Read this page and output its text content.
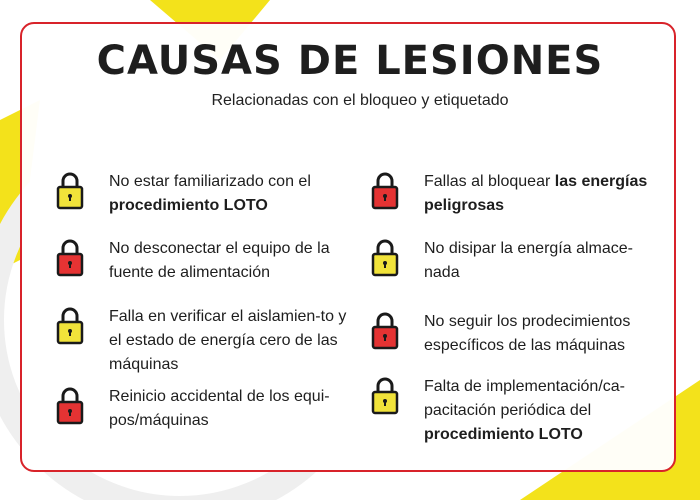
CAUSAS DE LESIONES
Relacionadas con el bloqueo y etiquetado
No estar familiarizado con el
procedimiento LOTO
Fallas al bloquear las energías peligrosas
No desconectar el equipo de la fuente de alimentación
No disipar la energía almace-nada
Falla en verificar el aislamien-to y el estado de energía cero de las máquinas
No seguir los prodecimientos específicos de las máquinas
Reinicio accidental de los equi-pos/máquinas
Falta de implementación/ca-pacitación periódica del
procedimiento LOTO
